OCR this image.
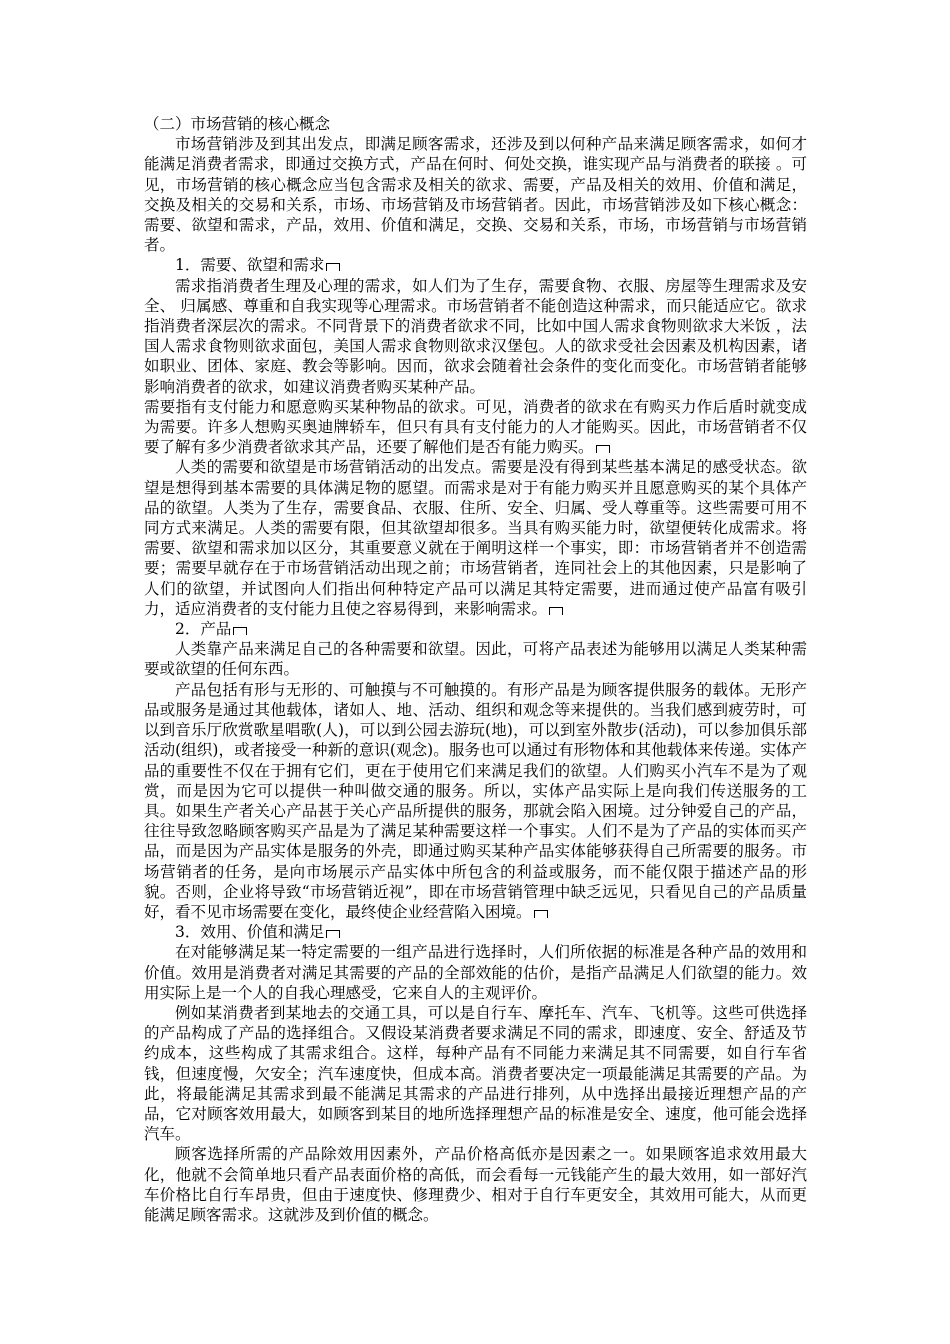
（二）市场营销的核心概念

市场营销涉及到其出发点，即满足顾客需求，还涉及到以何种产品来满足顾客需求，如何才能满足消费者需求，即通过交换方式，产品在何时、何处交换，谁实现产品与消费者的联接 。可见，市场营销的核心概念应当包含需求及相关的欲求、需要，产品及相关的效用、价值和满足，交换及相关的交易和关系，市场、市场营销及市场营销者。因此，市场营销涉及如下核心概念：需要、欲望和需求，产品，效用、价值和满足，交换、交易和关系，市场，市场营销与市场营销者。

1．需要、欲望和需求

需求指消费者生理及心理的需求，如人们为了生存，需要食物、衣服、房屋等生理需求及安全、 归属感、尊重和自我实现等心理需求。市场营销者不能创造这种需求，而只能适应它。欲求指消费者深层次的需求。不同背景下的消费者欲求不同，比如中国人需求食物则欲求大米饭 ，法国人需求食物则欲求面包，美国人需求食物则欲求汉堡包。人的欲求受社会因素及机构因素，诸如职业、团体、家庭、教会等影响。因而，欲求会随着社会条件的变化而变化。市场营销者能够影响消费者的欲求，如建议消费者购买某种产品。

需要指有支付能力和愿意购买某种物品的欲求。可见，消费者的欲求在有购买力作后盾时就变成为需要。许多人想购买奥迪牌轿车，但只有具有支付能力的人才能购买。因此，市场营销者不仅要了解有多少消费者欲求其产品，还要了解他们是否有能力购买。

人类的需要和欲望是市场营销活动的出发点。需要是没有得到某些基本满足的感受状态。欲望是想得到基本需要的具体满足物的愿望。而需求是对于有能力购买并且愿意购买的某个具体产品的欲望。人类为了生存，需要食品、衣服、住所、安全、归属、受人尊重等。这些需要可用不同方式来满足。人类的需要有限，但其欲望却很多。当具有购买能力时，欲望便转化成需求。将需要、欲望和需求加以区分，其重要意义就在于阐明这样一个事实，即：市场营销者并不创造需要；需要早就存在于市场营销活动出现之前；市场营销者，连同社会上的其他因素，只是影响了人们的欲望，并试图向人们指出何种特定产品可以满足其特定需要，进而通过使产品富有吸引力，适应消费者的支付能力且使之容易得到，来影响需求。

2．产品

人类靠产品来满足自己的各种需要和欲望。因此，可将产品表述为能够用以满足人类某种需要或欲望的任何东西。

产品包括有形与无形的、可触摸与不可触摸的。有形产品是为顾客提供服务的载体。无形产品或服务是通过其他载体，诸如人、地、活动、组织和观念等来提供的。当我们感到疲劳时，可以到音乐厅欣赏歌星唱歌(人)，可以到公园去游玩(地)，可以到室外散步(活动)，可以参加俱乐部活动(组织)，或者接受一种新的意识(观念)。服务也可以通过有形物体和其他载体来传递。实体产品的重要性不仅在于拥有它们，更在于使用它们来满足我们的欲望。人们购买小汽车不是为了观赏，而是因为它可以提供一种叫做交通的服务。所以，实体产品实际上是向我们传送服务的工具。如果生产者关心产品甚于关心产品所提供的服务，那就会陷入困境。过分钟爱自己的产品，往往导致忽略顾客购买产品是为了满足某种需要这样一个事实。人们不是为了产品的实体而买产品，而是因为产品实体是服务的外壳，即通过购买某种产品实体能够获得自己所需要的服务。市场营销者的任务，是向市场展示产品实体中所包含的利益或服务，而不能仅限于描述产品的形貌。否则，企业将导致“市场营销近视”，即在市场营销管理中缺乏远见，只看见自己的产品质量好，看不见市场需要在变化，最终使企业经营陷入困境。

3．效用、价值和满足

在对能够满足某一特定需要的一组产品进行选择时，人们所依据的标准是各种产品的效用和价值。效用是消费者对满足其需要的产品的全部效能的估价，是指产品满足人们欲望的能力。效用实际上是一个人的自我心理感受，它来自人的主观评价。

例如某消费者到某地去的交通工具，可以是自行车、摩托车、汽车、飞机等。这些可供选择的产品构成了产品的选择组合。又假设某消费者要求满足不同的需求，即速度、安全、舒适及节约成本，这些构成了其需求组合。这样，每种产品有不同能力来满足其不同需要，如自行车省钱，但速度慢，欠安全；汽车速度快，但成本高。消费者要决定一项最能满足其需要的产品。为此，将最能满足其需求到最不能满足其需求的产品进行排列，从中选择出最接近理想产品的产品，它对顾客效用最大，如顾客到某目的地所选择理想产品的标准是安全、速度，他可能会选择汽车。

顾客选择所需的产品除效用因素外，产品价格高低亦是因素之一。如果顾客追求效用最大化，他就不会简单地只看产品表面价格的高低，而会看每一元钱能产生的最大效用，如一部好汽车价格比自行车昂贵，但由于速度快、修理费少、相对于自行车更安全，其效用可能大，从而更能满足顾客需求。这就涉及到价值的概念。
